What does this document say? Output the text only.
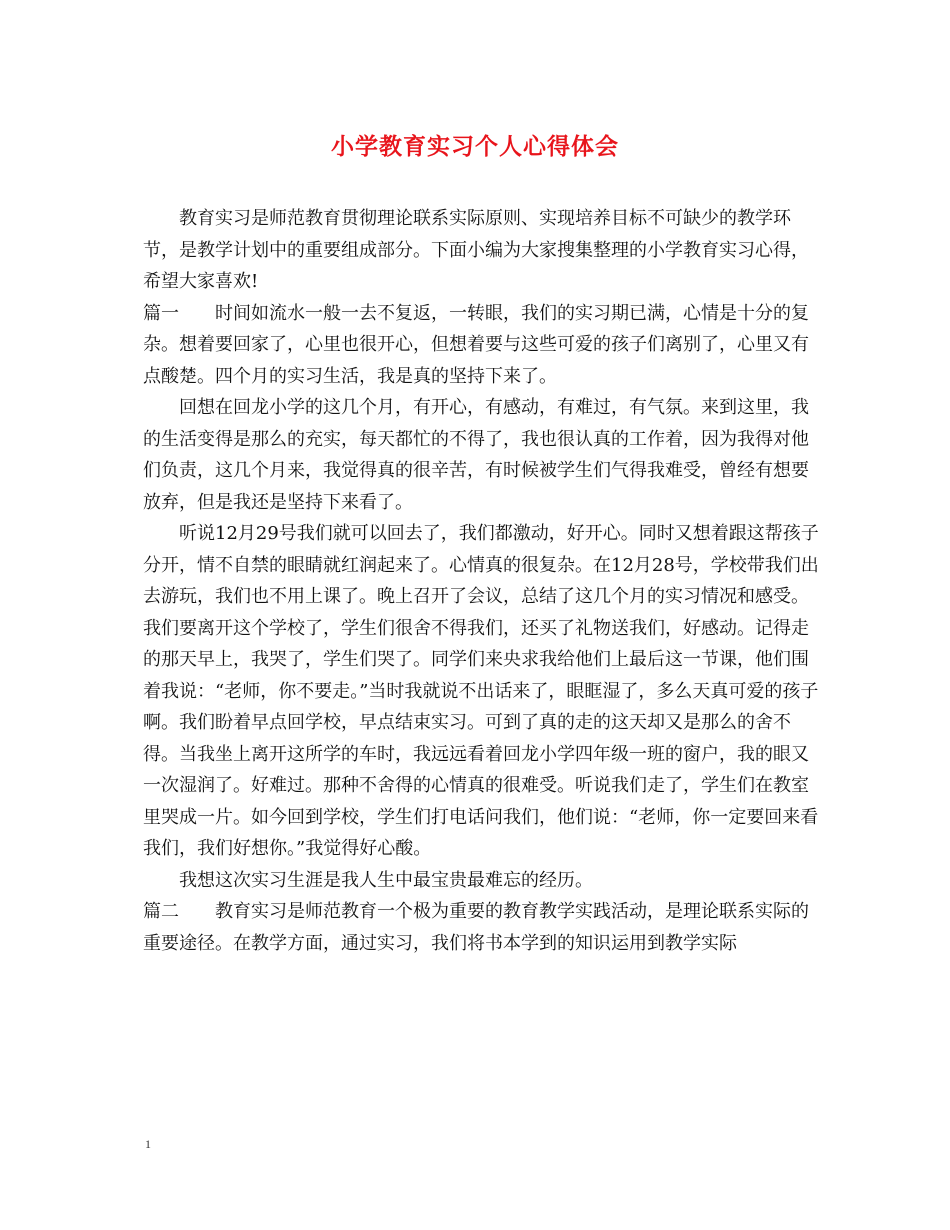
小学教育实习个人心得体会

教育实习是师范教育贯彻理论联系实际原则、实现培养目标不可缺少的教学环节，是教学计划中的重要组成部分。下面小编为大家搜集整理的小学教育实习心得，希望大家喜欢!

篇一 时间如流水一般一去不复返，一转眼，我们的实习期已满，心情是十分的复杂。想着要回家了，心里也很开心，但想着要与这些可爱的孩子们离别了，心里又有点酸楚。四个月的实习生活，我是真的坚持下来了。

回想在回龙小学的这几个月，有开心，有感动，有难过，有气氛。来到这里，我的生活变得是那么的充实，每天都忙的不得了，我也很认真的工作着，因为我得对他们负责，这几个月来，我觉得真的很辛苦，有时候被学生们气得我难受，曾经有想要放弃，但是我还是坚持下来看了。

听说12月29号我们就可以回去了，我们都激动，好开心。同时又想着跟这帮孩子分开，情不自禁的眼睛就红润起来了。心情真的很复杂。在12月28号，学校带我们出去游玩，我们也不用上课了。晚上召开了会议，总结了这几个月的实习情况和感受。我们要离开这个学校了，学生们很舍不得我们，还买了礼物送我们，好感动。记得走的那天早上，我哭了，学生们哭了。同学们来央求我给他们上最后这一节课，他们围着我说：“老师，你不要走。”当时我就说不出话来了，眼眶湿了，多么天真可爱的孩子啊。我们盼着早点回学校，早点结束实习。可到了真的走的这天却又是那么的舍不得。当我坐上离开这所学的车时，我远远看着回龙小学四年级一班的窗户，我的眼又一次湿润了。好难过。那种不舍得的心情真的很难受。听说我们走了，学生们在教室里哭成一片。如今回到学校，学生们打电话问我们，他们说：“老师，你一定要回来看我们，我们好想你。”我觉得好心酸。

我想这次实习生涯是我人生中最宝贵最难忘的经历。

篇二 教育实习是师范教育一个极为重要的教育教学实践活动，是理论联系实际的重要途径。在教学方面，通过实习，我们将书本学到的知识运用到教学实际

1
